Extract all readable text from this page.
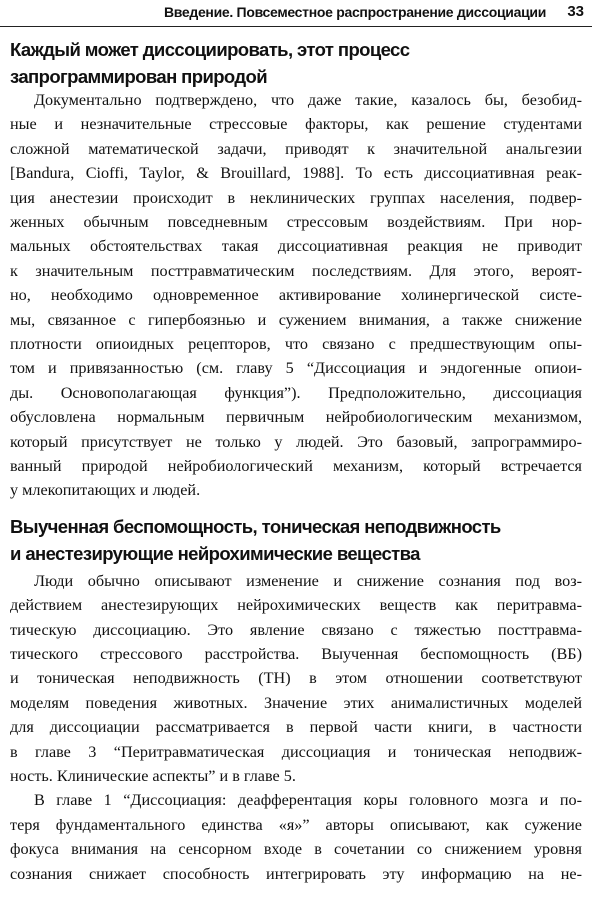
Введение. Повсеместное распространение диссоциации 33
Каждый может диссоциировать, этот процесс
запрограммирован природой
Документально подтверждено, что даже такие, казалось бы, безобид-
ные и незначительные стрессовые факторы, как решение студентами
сложной математической задачи, приводят к значительной анальгезии
[Bandura, Cioffi, Taylor, & Brouillard, 1988]. То есть диссоциативная реак-
ция анестезии происходит в неклинических группах населения, подвер-
женных обычным повседневным стрессовым воздействиям. При нор-
мальных обстоятельствах такая диссоциативная реакция не приводит
к значительным посттравматическим последствиям. Для этого, вероят-
но, необходимо одновременное активирование холинергической систе-
мы, связанное с гипербоязнью и сужением внимания, а также снижение
плотности опиоидных рецепторов, что связано с предшествующим опы-
том и привязанностью (см. главу 5 “Диссоциация и эндогенные опиои-
ды. Основополагающая функция”). Предположительно, диссоциация
обусловлена нормальным первичным нейробиологическим механизмом,
который присутствует не только у людей. Это базовый, запрограммиро-
ванный природой нейробиологический механизм, который встречается
у млекопитающих и людей.
Выученная беспомощность, тоническая неподвижность
и анестезирующие нейрохимические вещества
Люди обычно описывают изменение и снижение сознания под воз-
действием анестезирующих нейрохимических веществ как перитравма-
тическую диссоциацию. Это явление связано с тяжестью посттравма-
тического стрессового расстройства. Выученная беспомощность (ВБ)
и тоническая неподвижность (ТН) в этом отношении соответствуют
моделям поведения животных. Значение этих анималистичных моделей
для диссоциации рассматривается в первой части книги, в частности
в главе 3 “Перитравматическая диссоциация и тоническая неподвиж-
ность. Клинические аспекты” и в главе 5.
В главе 1 “Диссоциация: деафферентация коры головного мозга и по-
теря фундаментального единства «я»” авторы описывают, как сужение
фокуса внимания на сенсорном входе в сочетании со снижением уровня
сознания снижает способность интегрировать эту информацию на не-
